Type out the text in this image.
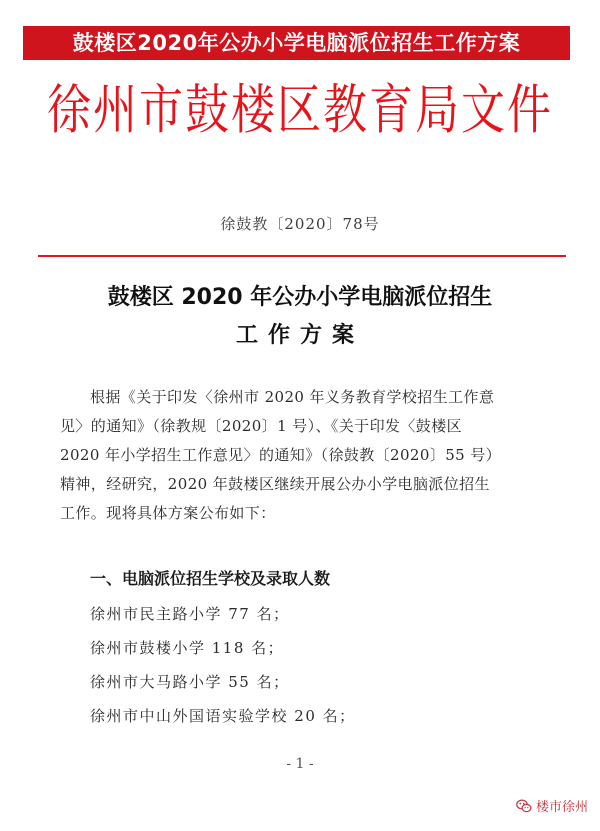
鼓楼区2020年公办小学电脑派位招生工作方案
徐州市鼓楼区教育局文件
徐鼓教〔2020〕78号
鼓楼区 2020 年公办小学电脑派位招生
工作方案
根据《关于印发〈徐州市 2020 年义务教育学校招生工作意
见〉的通知》（徐教规〔2020〕1 号）、《关于印发〈鼓楼区
2020 年小学招生工作意见〉的通知》（徐鼓教〔2020〕55 号）
精神，经研究，2020 年鼓楼区继续开展公办小学电脑派位招生
工作。现将具体方案公布如下：
一、电脑派位招生学校及录取人数
徐州市民主路小学 77 名；
徐州市鼓楼小学 118 名；
徐州市大马路小学 55 名；
徐州市中山外国语实验学校 20 名；
- 1 -
楼市徐州
